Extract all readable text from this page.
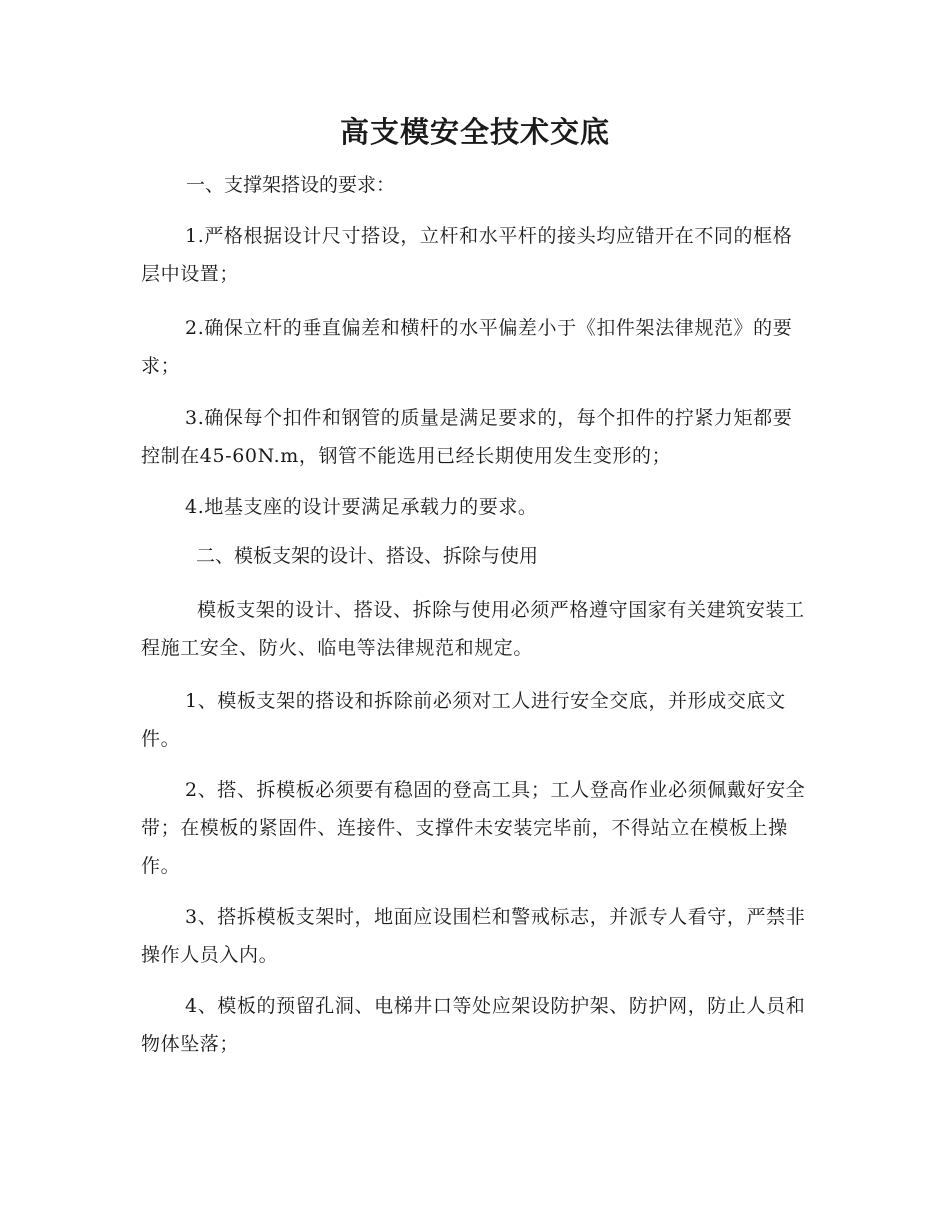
高支模安全技术交底
一、支撑架搭设的要求：
1.严格根据设计尺寸搭设，立杆和水平杆的接头均应错开在不同的框格层中设置；
2.确保立杆的垂直偏差和横杆的水平偏差小于《扣件架法律规范》的要求；
3.确保每个扣件和钢管的质量是满足要求的，每个扣件的拧紧力矩都要控制在45-60N.m，钢管不能选用已经长期使用发生变形的；
4.地基支座的设计要满足承载力的要求。
二、模板支架的设计、搭设、拆除与使用
模板支架的设计、搭设、拆除与使用必须严格遵守国家有关建筑安装工程施工安全、防火、临电等法律规范和规定。
1、模板支架的搭设和拆除前必须对工人进行安全交底，并形成交底文件。
2、搭、拆模板必须要有稳固的登高工具；工人登高作业必须佩戴好安全带；在模板的紧固件、连接件、支撑件未安装完毕前，不得站立在模板上操作。
3、搭拆模板支架时，地面应设围栏和警戒标志，并派专人看守，严禁非操作人员入内。
4、模板的预留孔洞、电梯井口等处应架设防护架、防护网，防止人员和物体坠落；
